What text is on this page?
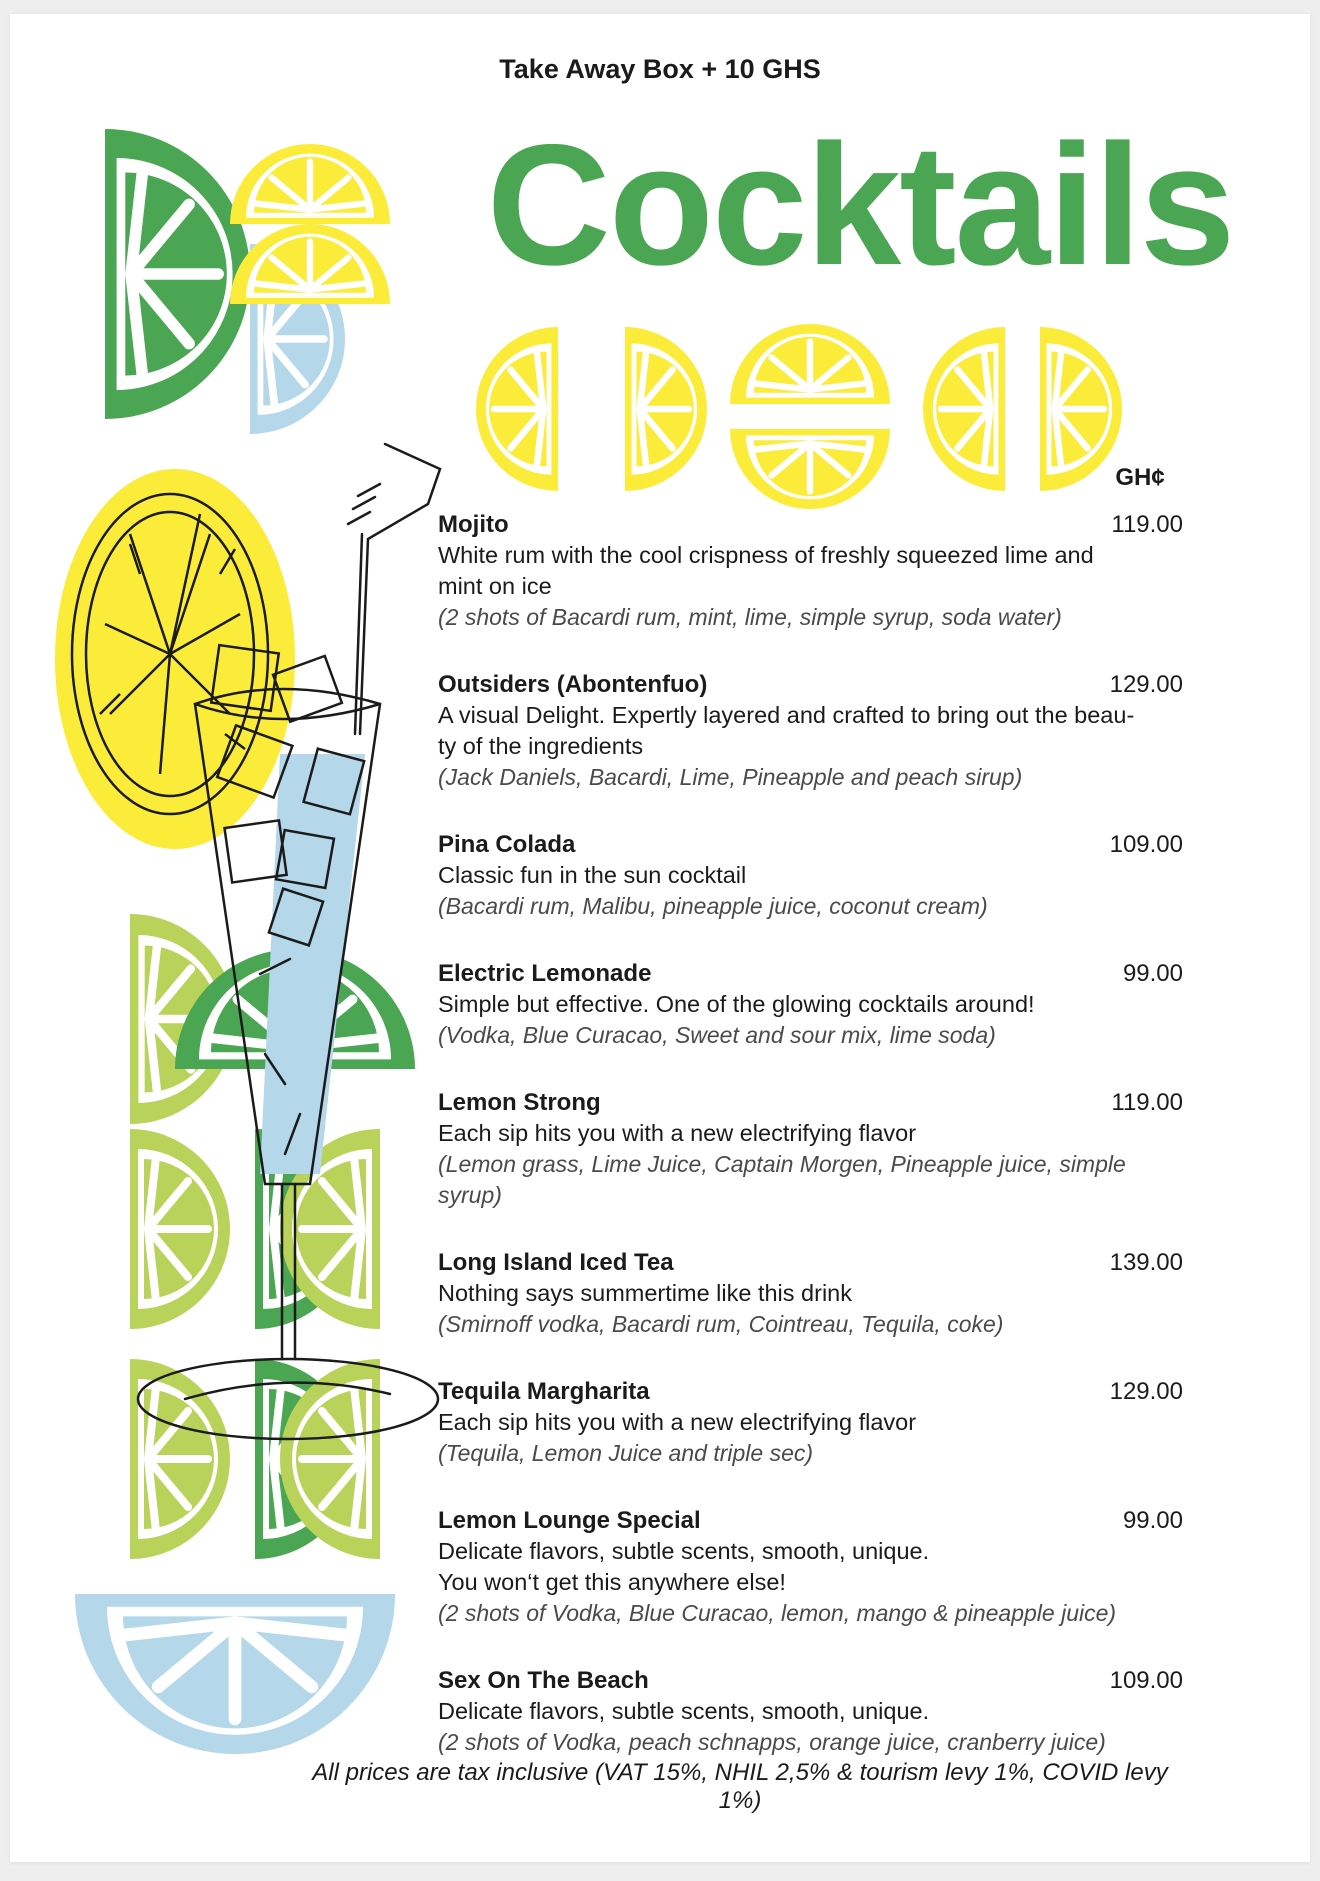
Take Away Box + 10 GHS
Cocktails
GH¢
Mojito	119.00
White rum with the cool crispness of freshly squeezed lime and
mint on ice
(2 shots of Bacardi rum, mint, lime, simple syrup, soda water)
Outsiders (Abontenfuo)	129.00
A visual Delight. Expertly layered and crafted to bring out the beau-
ty of the ingredients
(Jack Daniels, Bacardi, Lime, Pineapple and peach sirup)
Pina Colada	109.00
Classic fun in the sun cocktail
(Bacardi rum, Malibu, pineapple juice, coconut cream)
Electric Lemonade	99.00
Simple but effective. One of the glowing cocktails around!
(Vodka, Blue Curacao, Sweet and sour mix, lime soda)
Lemon Strong	119.00
Each sip hits you with a new electrifying flavor
(Lemon grass, Lime Juice, Captain Morgen, Pineapple juice, simple
syrup)
Long Island Iced Tea	139.00
Nothing says summertime like this drink
(Smirnoff vodka, Bacardi rum, Cointreau, Tequila, coke)
Tequila Margharita	129.00
Each sip hits you with a new electrifying flavor
(Tequila, Lemon Juice and triple sec)
Lemon Lounge Special	99.00
Delicate flavors, subtle scents, smooth, unique.
You won‘t get this anywhere else!
(2 shots of Vodka, Blue Curacao, lemon, mango & pineapple juice)
Sex On The Beach	109.00
Delicate flavors, subtle scents, smooth, unique.
(2 shots of Vodka, peach schnapps, orange juice, cranberry juice)
All prices are tax inclusive (VAT 15%, NHIL 2,5% & tourism levy 1%, COVID levy 1%)
